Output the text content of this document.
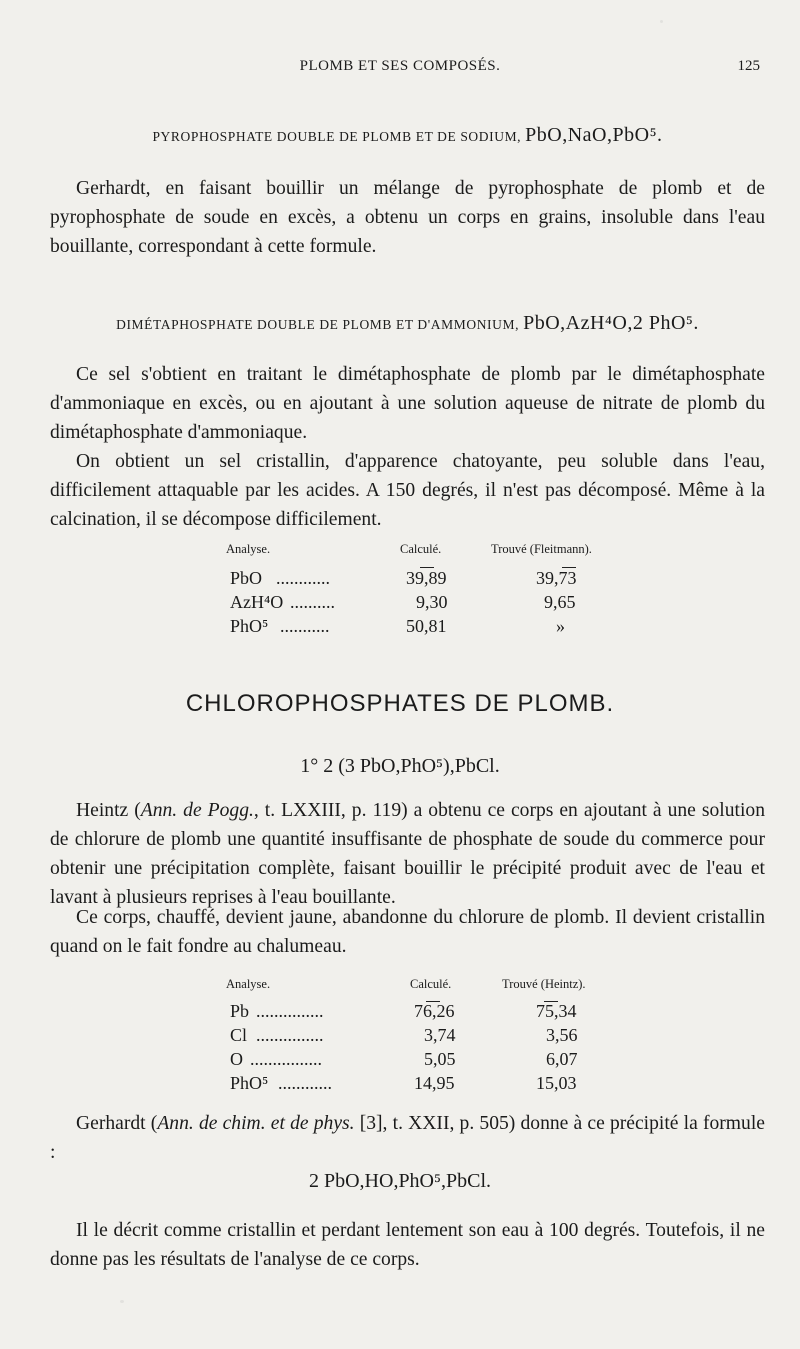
PLOMB ET SES COMPOSÉS.	125
PYROPHOSPHATE DOUBLE DE PLOMB ET DE SODIUM, PbO,NaO,PbO⁵.

Gerhardt, en faisant bouillir un mélange de pyrophosphate de plomb et de pyrophosphate de soude en excès, a obtenu un corps en grains, insoluble dans l'eau bouillante, correspondant à cette formule.

DIMÉTAPHOSPHATE DOUBLE DE PLOMB ET D'AMMONIUM, PbO,AzH⁴O,2 PhO⁵.

Ce sel s'obtient en traitant le dimétaphosphate de plomb par le dimétaphosphate d'ammoniaque en excès, ou en ajoutant à une solution aqueuse de nitrate de plomb du dimétaphosphate d'ammoniaque.

On obtient un sel cristallin, d'apparence chatoyante, peu soluble dans l'eau, difficilement attaquable par les acides. A 150 degrés, il n'est pas décomposé. Même à la calcination, il se décompose difficilement.

Analyse.	Calculé.	Trouvé (Fleitmann).
PbO ............	39,89	39,73
AzH⁴O ..........	9,30	9,65
PhO⁵ ...........	50,81	»
CHLOROPHOSPHATES DE PLOMB.
1° 2 (3 PbO,PhO⁵),PbCl.

Heintz (Ann. de Pogg., t. LXXIII, p. 119) a obtenu ce corps en ajoutant à une solution de chlorure de plomb une quantité insuffisante de phosphate de soude du commerce pour obtenir une précipitation complète, faisant bouillir le précipité produit avec de l'eau et lavant à plusieurs reprises à l'eau bouillante.

Ce corps, chauffé, devient jaune, abandonne du chlorure de plomb. Il devient cristallin quand on le fait fondre au chalumeau.

Analyse.	Calculé.	Trouvé (Heintz).
Pb ...............	76,26	75,34
Cl ...............	3,74	3,56
O ................	5,05	6,07
PhO⁵ ............	14,95	15,03

Gerhardt (Ann. de chim. et de phys. [3], t. XXII, p. 505) donne à ce précipité la formule :

2 PbO,HO,PhO⁵,PbCl.

Il le décrit comme cristallin et perdant lentement son eau à 100 degrés. Toutefois, il ne donne pas les résultats de l'analyse de ce corps.
